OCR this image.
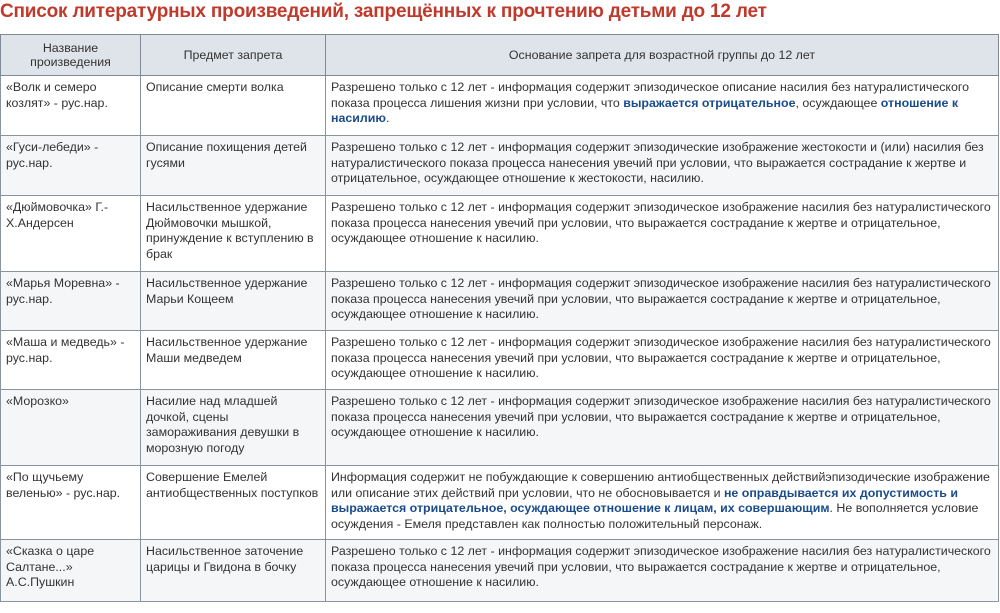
Список литературных произведений, запрещённых к прочтению детьми до 12 лет
Название произведения	Предмет запрета	Основание запрета для возрастной группы до 12 лет
«Волк и семеро козлят» - рус.нар.	Описание смерти волка	Разрешено только с 12 лет - информация содержит эпизодическое описание насилия без натуралистического показа процесса лишения жизни при условии, что выражается отрицательное, осуждающее отношение к насилию.
«Гуси-лебеди» - рус.нар.	Описание похищения детей гусями	Разрешено только с 12 лет - информация содержит эпизодические изображение жестокости и (или) насилия без натуралистического показа процесса нанесения увечий при условии, что выражается сострадание к жертве и отрицательное, осуждающее отношение к жестокости, насилию.
«Дюймовочка» Г.-Х.Андерсен	Насильственное удержание Дюймовочки мышкой, принуждение к вступлению в брак	Разрешено только с 12 лет - информация содержит эпизодическое изображение насилия без натуралистического показа процесса нанесения увечий при условии, что выражается сострадание к жертве и отрицательное, осуждающее отношение к насилию.
«Марья Моревна» - рус.нар.	Насильственное удержание Марьи Кощеем	Разрешено только с 12 лет - информация содержит эпизодическое изображение насилия без натуралистического показа процесса нанесения увечий при условии, что выражается сострадание к жертве и отрицательное, осуждающее отношение к насилию.
«Маша и медведь» - рус.нар.	Насильственное удержание Маши медведем	Разрешено только с 12 лет - информация содержит эпизодическое изображение насилия без натуралистического показа процесса нанесения увечий при условии, что выражается сострадание к жертве и отрицательное, осуждающее отношение к насилию.
«Морозко»	Насилие над младшей дочкой, сцены замораживания девушки в морозную погоду	Разрешено только с 12 лет - информация содержит эпизодическое изображение насилия без натуралистического показа процесса нанесения увечий при условии, что выражается сострадание к жертве и отрицательное, осуждающее отношение к насилию.
«По щучьему веленью» - рус.нар.	Совершение Емелей антиобщественных поступков	Информация содержит не побуждающие к совершению антиобщественных действийэпизодические изображение или описание этих действий при условии, что не обосновывается и не оправдывается их допустимость и выражается отрицательное, осуждающее отношение к лицам, их совершающим. Не вополняется условие осуждения - Емеля представлен как полностью положительный персонаж.
«Сказка о царе Салтане...» А.С.Пушкин	Насильственное заточение царицы и Гвидона в бочку	Разрешено только с 12 лет - информация содержит эпизодическое изображение насилия без натуралистического показа процесса нанесения увечий при условии, что выражается сострадание к жертве и отрицательное, осуждающее отношение к насилию.
